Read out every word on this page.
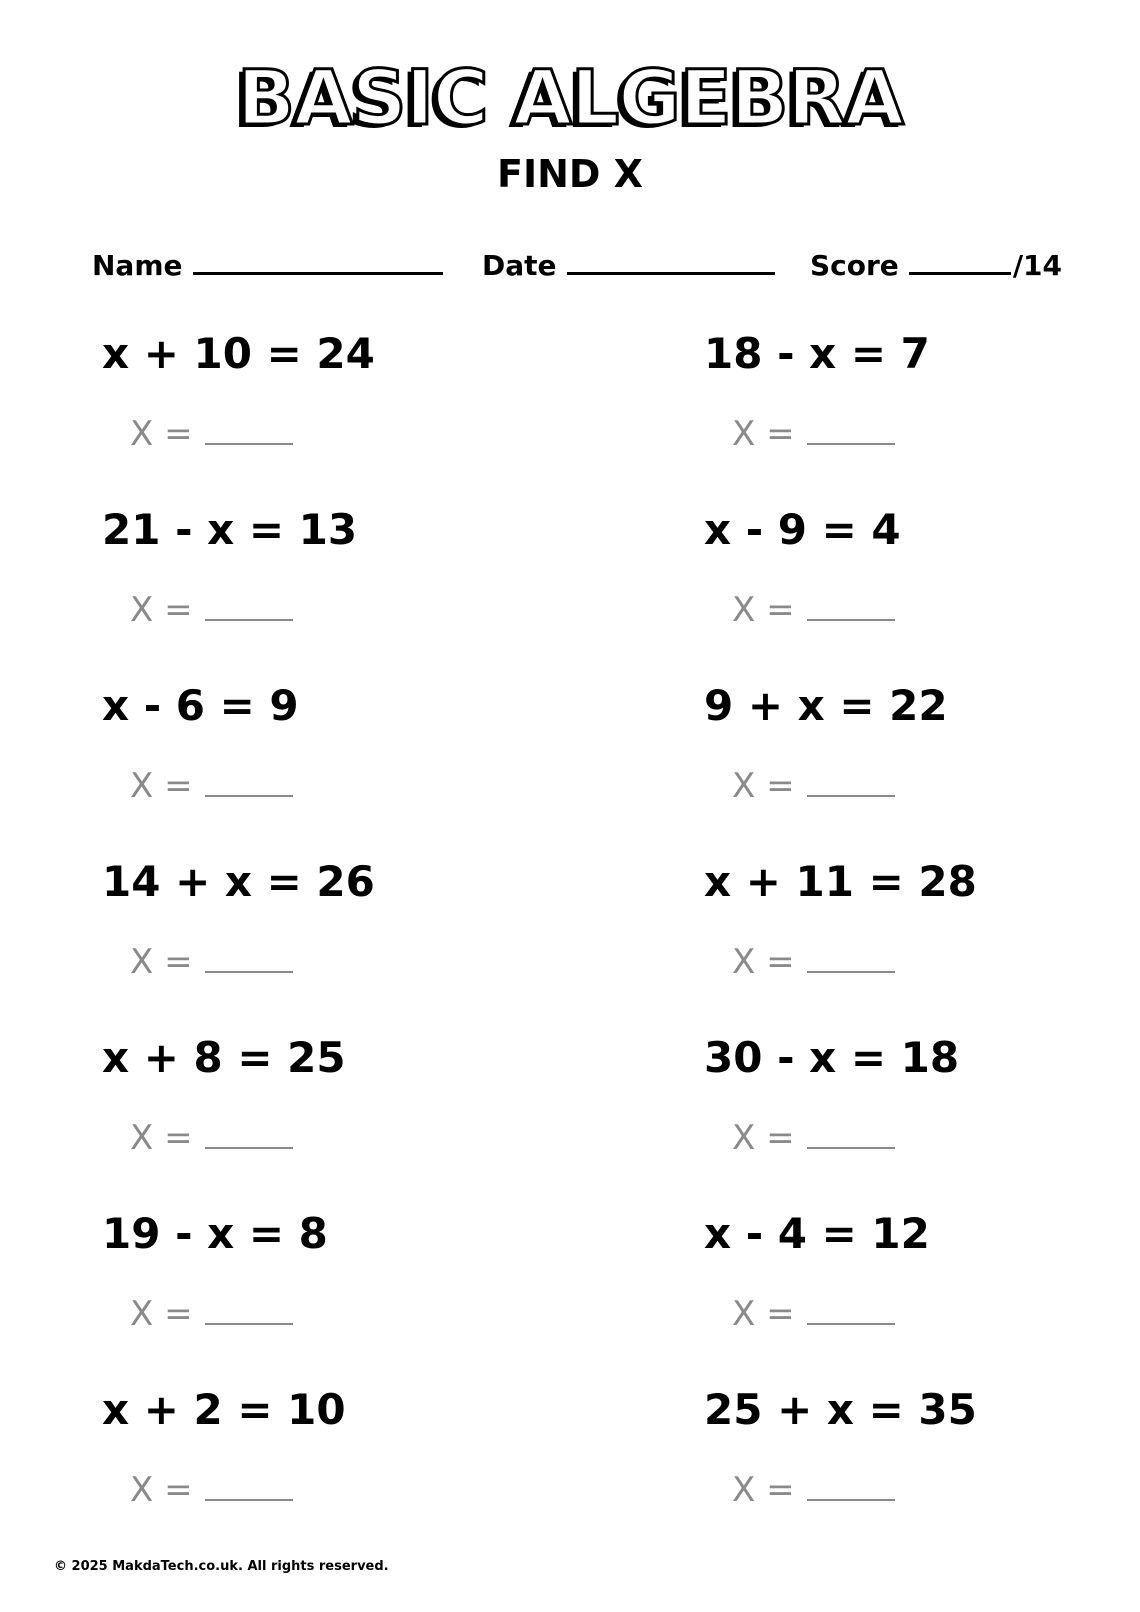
BASIC ALGEBRA
FIND X
Name	Date	Score	/14
x + 10 = 24
X =
21 - x = 13
X =
x - 6 = 9
X =
14 + x = 26
X =
x + 8 = 25
X =
19 - x = 8
X =
x + 2 = 10
X =
18 - x = 7
X =
x - 9 = 4
X =
9 + x = 22
X =
x + 11 = 28
X =
30 - x = 18
X =
x - 4 = 12
X =
25 + x = 35
X =
© 2025 MakdaTech.co.uk. All rights reserved.
